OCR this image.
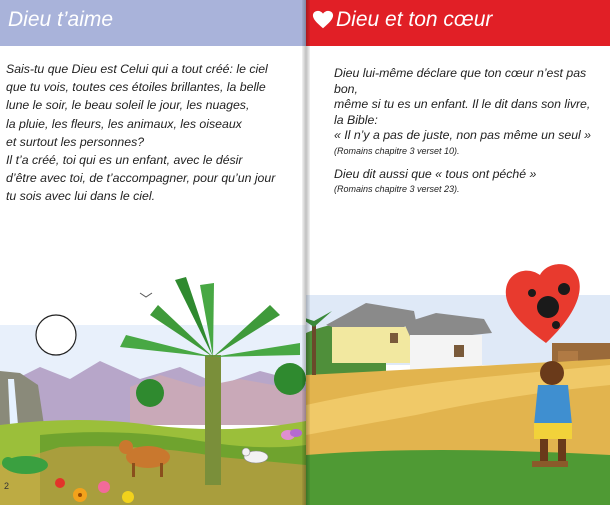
Dieu t’aime

Sais-tu que Dieu est Celui qui a tout créé: le ciel

que tu vois, toutes ces étoiles brillantes, la belle

lune le soir, le beau soleil le jour, les nuages,

la pluie, les fleurs, les animaux, les oiseaux

et surtout les personnes?

Il t’a créé, toi qui es un enfant, avec le désir

d’être avec toi, de t’accompagner, pour qu’un jour

tu sois avec lui dans le ciel.

2
Dieu et ton cœur

Dieu lui-même déclare que ton cœur n’est pas bon,

même si tu es un enfant. Il le dit dans son livre,

la Bible:

« Il n’y a pas de juste, non pas même un seul »

(Romains chapitre 3 verset 10).

Dieu dit aussi que « tous ont péché »

(Romains chapitre 3 verset 23).
